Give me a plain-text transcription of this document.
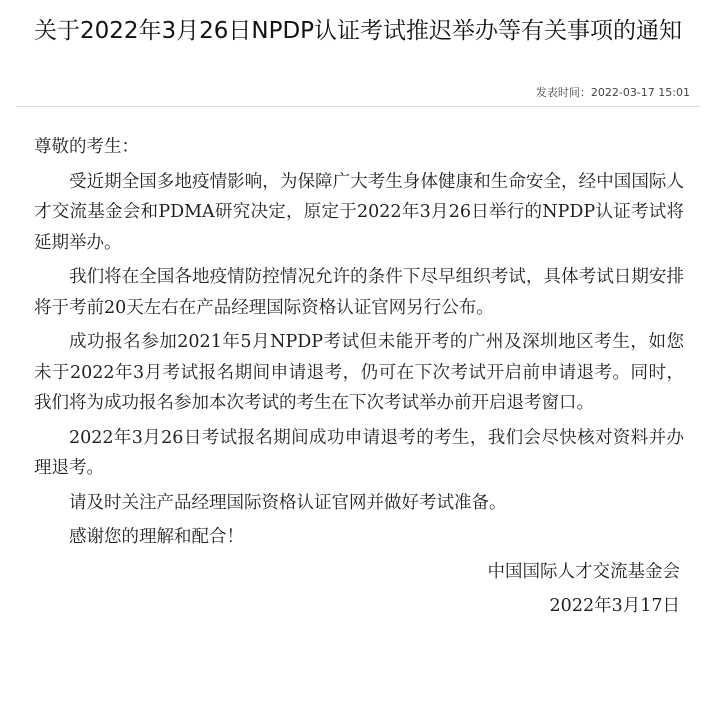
关于2022年3月26日NPDP认证考试推迟举办等有关事项的通知
发表时间：2022-03-17 15:01

尊敬的考生：

受近期全国多地疫情影响，为保障广大考生身体健康和生命安全，经中国国际人才交流基金会和PDMA研究决定，原定于2022年3月26日举行的NPDP认证考试将延期举办。

我们将在全国各地疫情防控情况允许的条件下尽早组织考试，具体考试日期安排将于考前20天左右在产品经理国际资格认证官网另行公布。

成功报名参加2021年5月NPDP考试但未能开考的广州及深圳地区考生，如您未于2022年3月考试报名期间申请退考，仍可在下次考试开启前申请退考。同时，我们将为成功报名参加本次考试的考生在下次考试举办前开启退考窗口。

2022年3月26日考试报名期间成功申请退考的考生，我们会尽快核对资料并办理退考。

请及时关注产品经理国际资格认证官网并做好考试准备。

感谢您的理解和配合！

中国国际人才交流基金会

2022年3月17日
